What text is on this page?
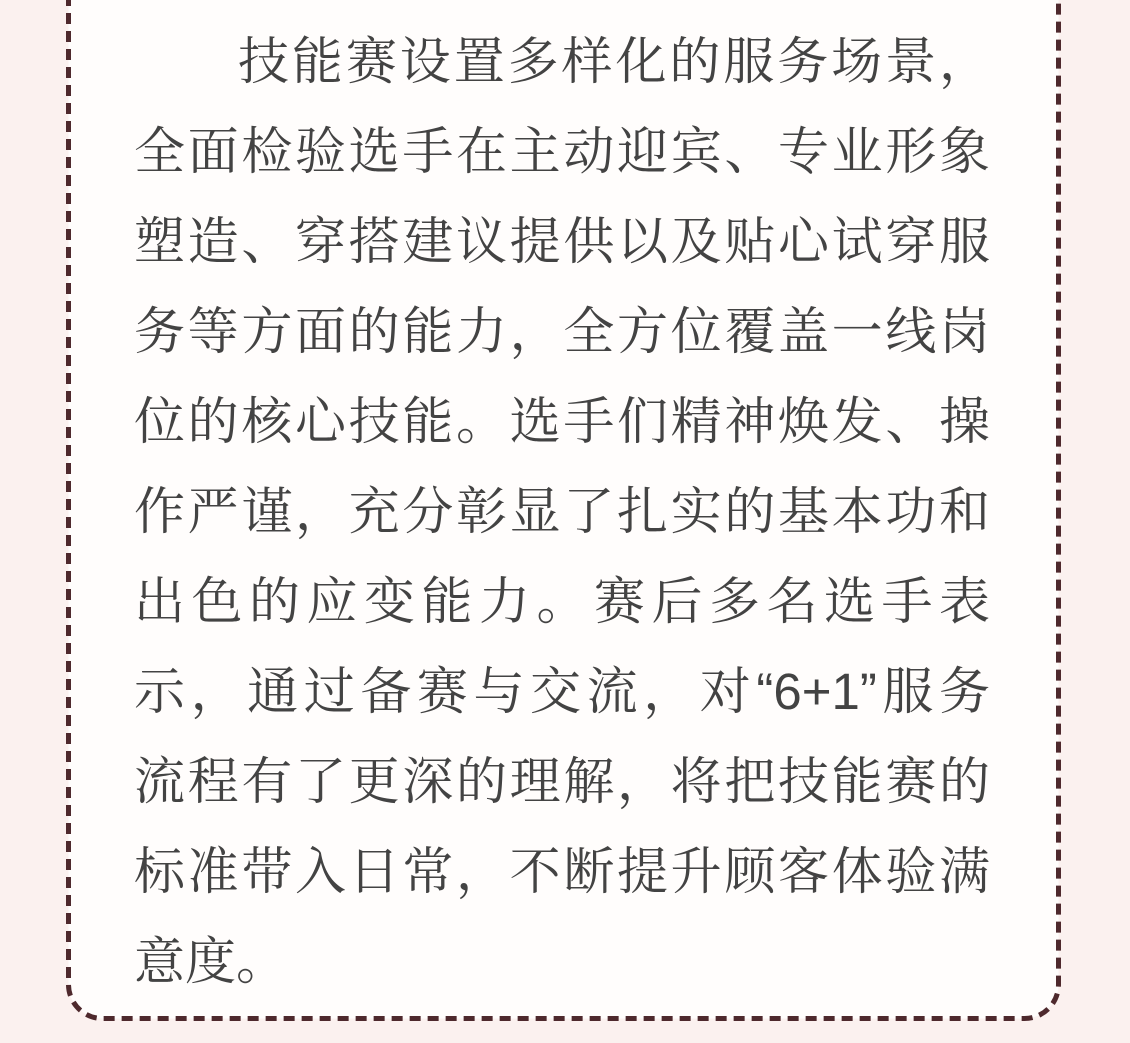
技能赛设置多样化的服务场景，
全面检验选手在主动迎宾、专业形象
塑造、穿搭建议提供以及贴心试穿服
务等方面的能力，全方位覆盖一线岗
位的核心技能。选手们精神焕发、操
作严谨，充分彰显了扎实的基本功和
出色的应变能力。赛后多名选手表
示，通过备赛与交流，对“6+1”服务
流程有了更深的理解，将把技能赛的
标准带入日常，不断提升顾客体验满
意度。
